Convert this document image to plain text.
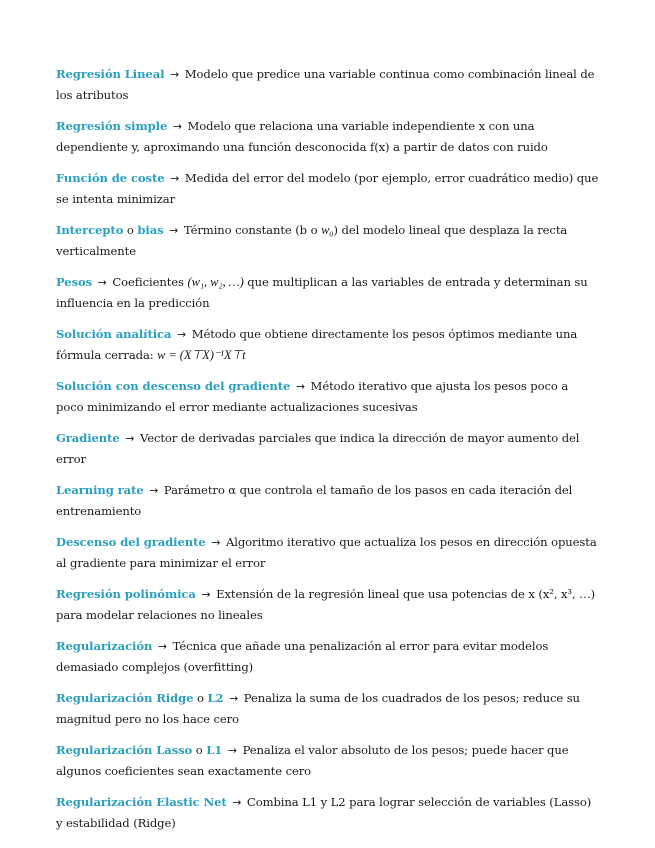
Regresión Lineal → Modelo que predice una variable continua como combinación lineal de los atributos

Regresión simple → Modelo que relaciona una variable independiente x con una dependiente y, aproximando una función desconocida f(x) a partir de datos con ruido

Función de coste → Medida del error del modelo (por ejemplo, error cuadrático medio) que se intenta minimizar

Intercepto o bias → Término constante (b o w₀) del modelo lineal que desplaza la recta verticalmente

Pesos → Coeficientes (w₁, w₂, …) que multiplican a las variables de entrada y determinan su influencia en la predicción

Solución analítica → Método que obtiene directamente los pesos óptimos mediante una fórmula cerrada: w = (X⊤X)⁻¹X⊤t

Solución con descenso del gradiente → Método iterativo que ajusta los pesos poco a poco minimizando el error mediante actualizaciones sucesivas

Gradiente → Vector de derivadas parciales que indica la dirección de mayor aumento del error

Learning rate → Parámetro α que controla el tamaño de los pasos en cada iteración del entrenamiento

Descenso del gradiente → Algoritmo iterativo que actualiza los pesos en dirección opuesta al gradiente para minimizar el error

Regresión polinómica → Extensión de la regresión lineal que usa potencias de x (x², x³, …) para modelar relaciones no lineales

Regularización → Técnica que añade una penalización al error para evitar modelos demasiado complejos (overfitting)

Regularización Ridge o L2 → Penaliza la suma de los cuadrados de los pesos; reduce su magnitud pero no los hace cero

Regularización Lasso o L1 → Penaliza el valor absoluto de los pesos; puede hacer que algunos coeficientes sean exactamente cero

Regularización Elastic Net → Combina L1 y L2 para lograr selección de variables (Lasso) y estabilidad (Ridge)
